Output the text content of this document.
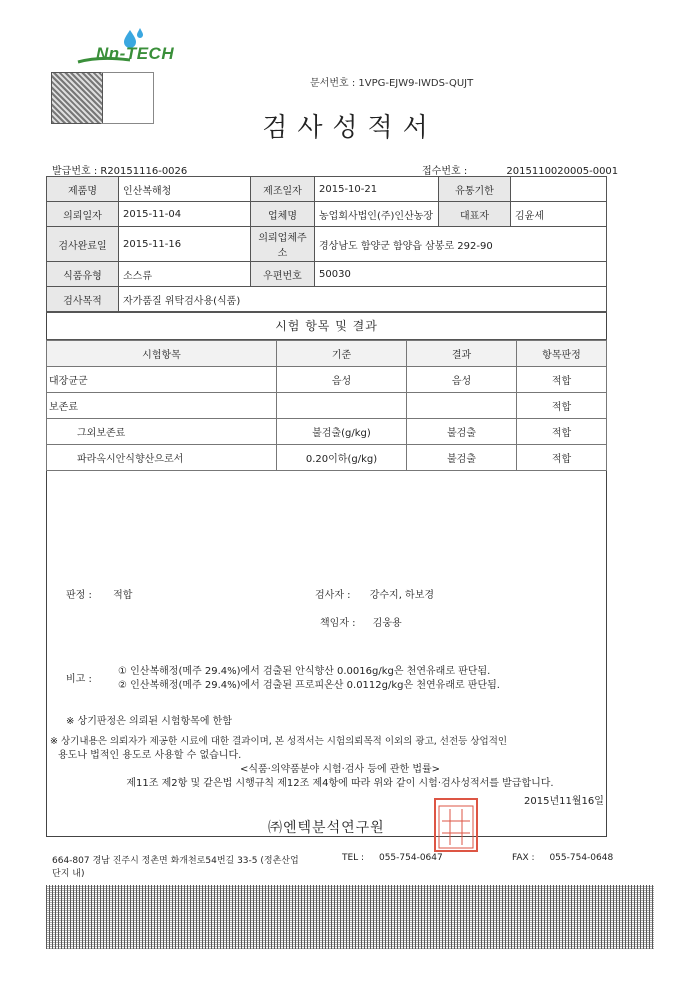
Nn-TECH
문서번호 : 1VPG-EJW9-IWDS-QUJT
검사성적서
발급번호 : R20151116-0026	접수번호 :	2015110020005-0001
제품명	인산복해청	제조일자	2015-10-21	유통기한	
의뢰일자	2015-11-04	업체명	농업회사법인(주)인산농장	대표자	김윤세
검사완료일	2015-11-16	의뢰업체주소	경상남도 함양군 함양읍 삼봉로 292-90		
식품유형	소스류	우편번호	50030		
검사목적	자가품질 위탁검사용(식품)				
시험 항목 및 결과
시험항목	기준	결과	항목판정
대장균군	음성	음성	적합
보존료			적합
그외보존료	불검출(g/kg)	불검출	적합
파라옥시안식향산으로서	0.20이하(g/kg)	불검출	적합
판정 : 적합	검사자 : 강수지, 하보경
책임자 : 김웅용
비고 :
① 인산복해정(메주 29.4%)에서 검출된 안식향산 0.0016g/kg은 천연유래로 판단됨.
② 인산복해정(메주 29.4%)에서 검출된 프로피온산 0.0112g/kg은 천연유래로 판단됨.
※ 상기판정은 의뢰된 시험항목에 한함
※ 상기내용은 의뢰자가 제공한 시료에 대한 결과이며, 본 성적서는 시험의뢰목적 이외의 광고, 선전등 상업적인
용도나 법적인 용도로 사용할 수 없습니다.
<식품·의약품분야 시험·검사 등에 관한 법률>
제11조 제2항 및 같은법 시행규칙 제12조 제4항에 따라 위와 같이 시험·검사성적서를 발급합니다.
2015년11월16일
㈜엔텍분석연구원
664-807 경남 진주시 정촌면 화개천로54번길 33-5 (정촌산업
단지 내)
TEL : 055-754-0647	FAX : 055-754-0648
